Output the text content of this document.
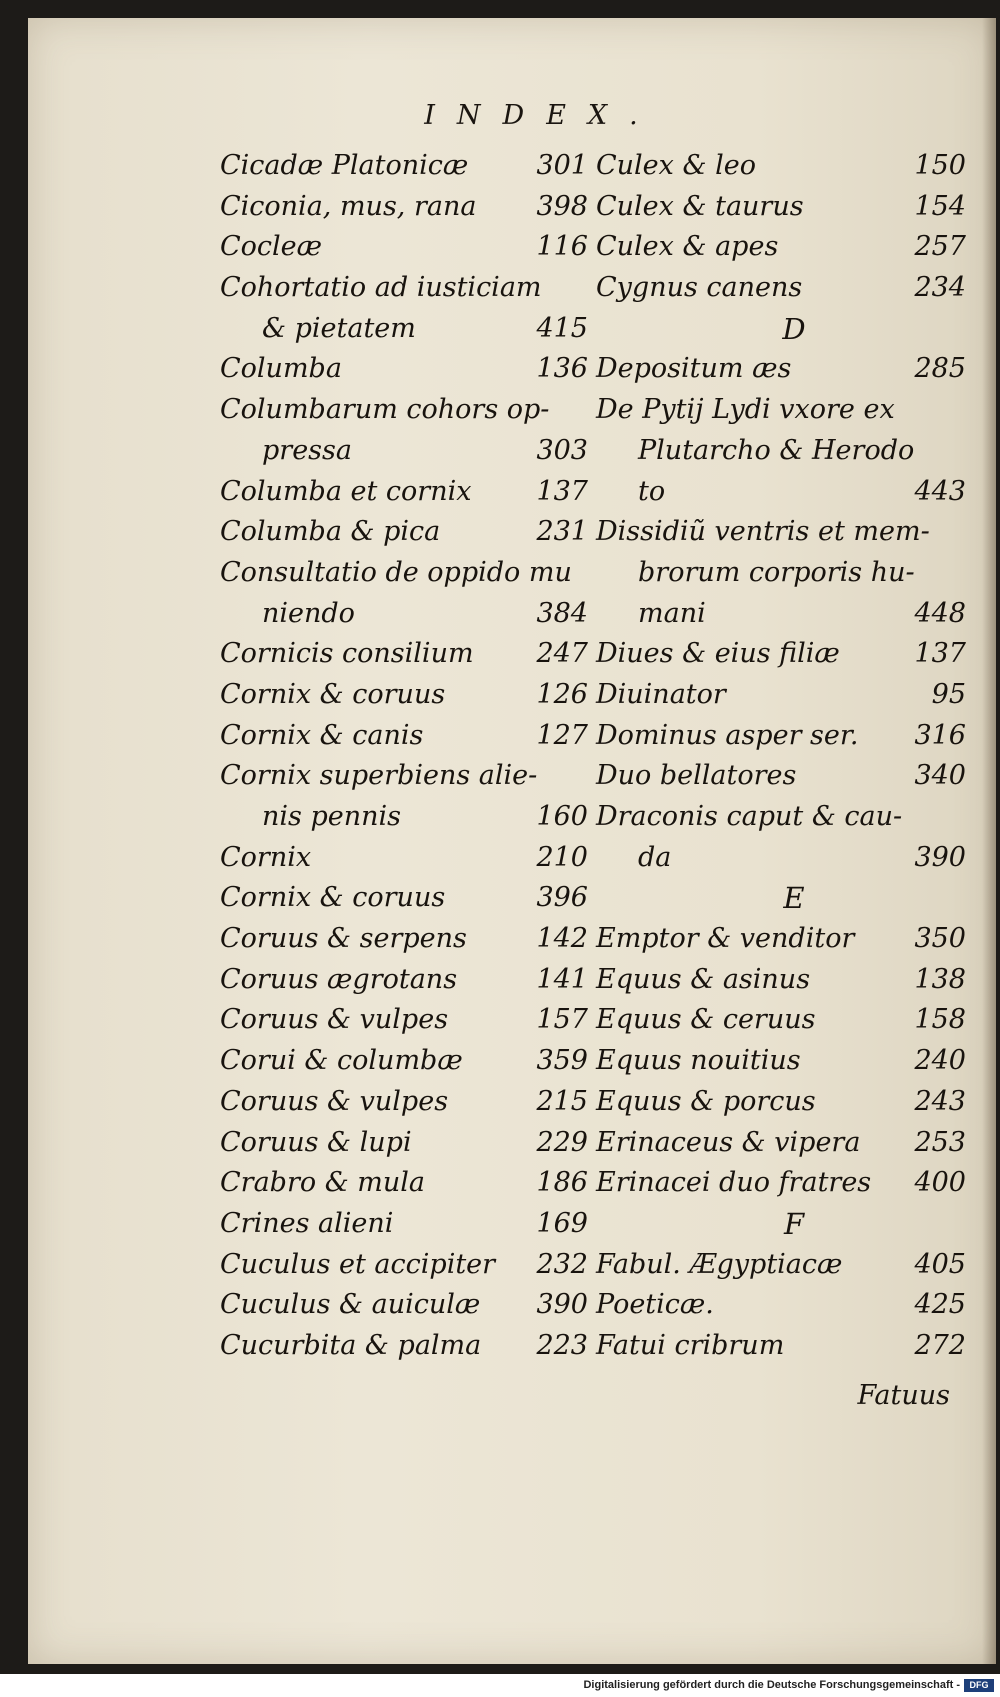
INDEX.
Cicadæ Platonicæ	301
Ciconia, mus, rana 398
Cocleæ	116
Cohortatio ad iusticiam
& pietatem	415
Columba	136
Columbarum cohors op-
pressa	303
Columba et cornix 137
Columba & pica	231
Consultatio de oppido mu
niendo	384
Cornicis consilium 247
Cornix & coruus	126
Cornix & canis	127
Cornix superbiens alie-
nis pennis	160
Cornix	210
Cornix & coruus	396
Coruus & serpens	142
Coruus ægrotans	141
Coruus & vulpes	157
Corui & columbæ	359
Coruus & vulpes	215
Coruus & lupi	229
Crabro & mula	186
Crines alieni	169
Cuculus et accipiter 232
Cuculus & auiculæ 390
Cucurbita & palma 223
Culex & leo	150
Culex & taurus	154
Culex & apes	257
Cygnus canens	234
D
Depositum æs	285
De Pytij Lydi vxore ex
Plutarcho & Herodo
to	443
Dissidiũ ventris et mem-
brorum corporis hu-
mani	448
Diues & eius filiæ	137
Diuinator	95
Dominus asper ser. 316
Duo bellatores	340
Draconis caput & cau-
da	390
E
Emptor & venditor 350
Equus & asinus	138
Equus & ceruus	158
Equus nouitius	240
Equus & porcus	243
Erinaceus & vipera 253
Erinacei duo fratres 400
F
Fabul. Ægyptiacæ	405
Poeticæ.	425
Fatui cribrum	272
Fatuus
Digitalisierung gefördert durch die Deutsche Forschungsgemeinschaft -	DFG
